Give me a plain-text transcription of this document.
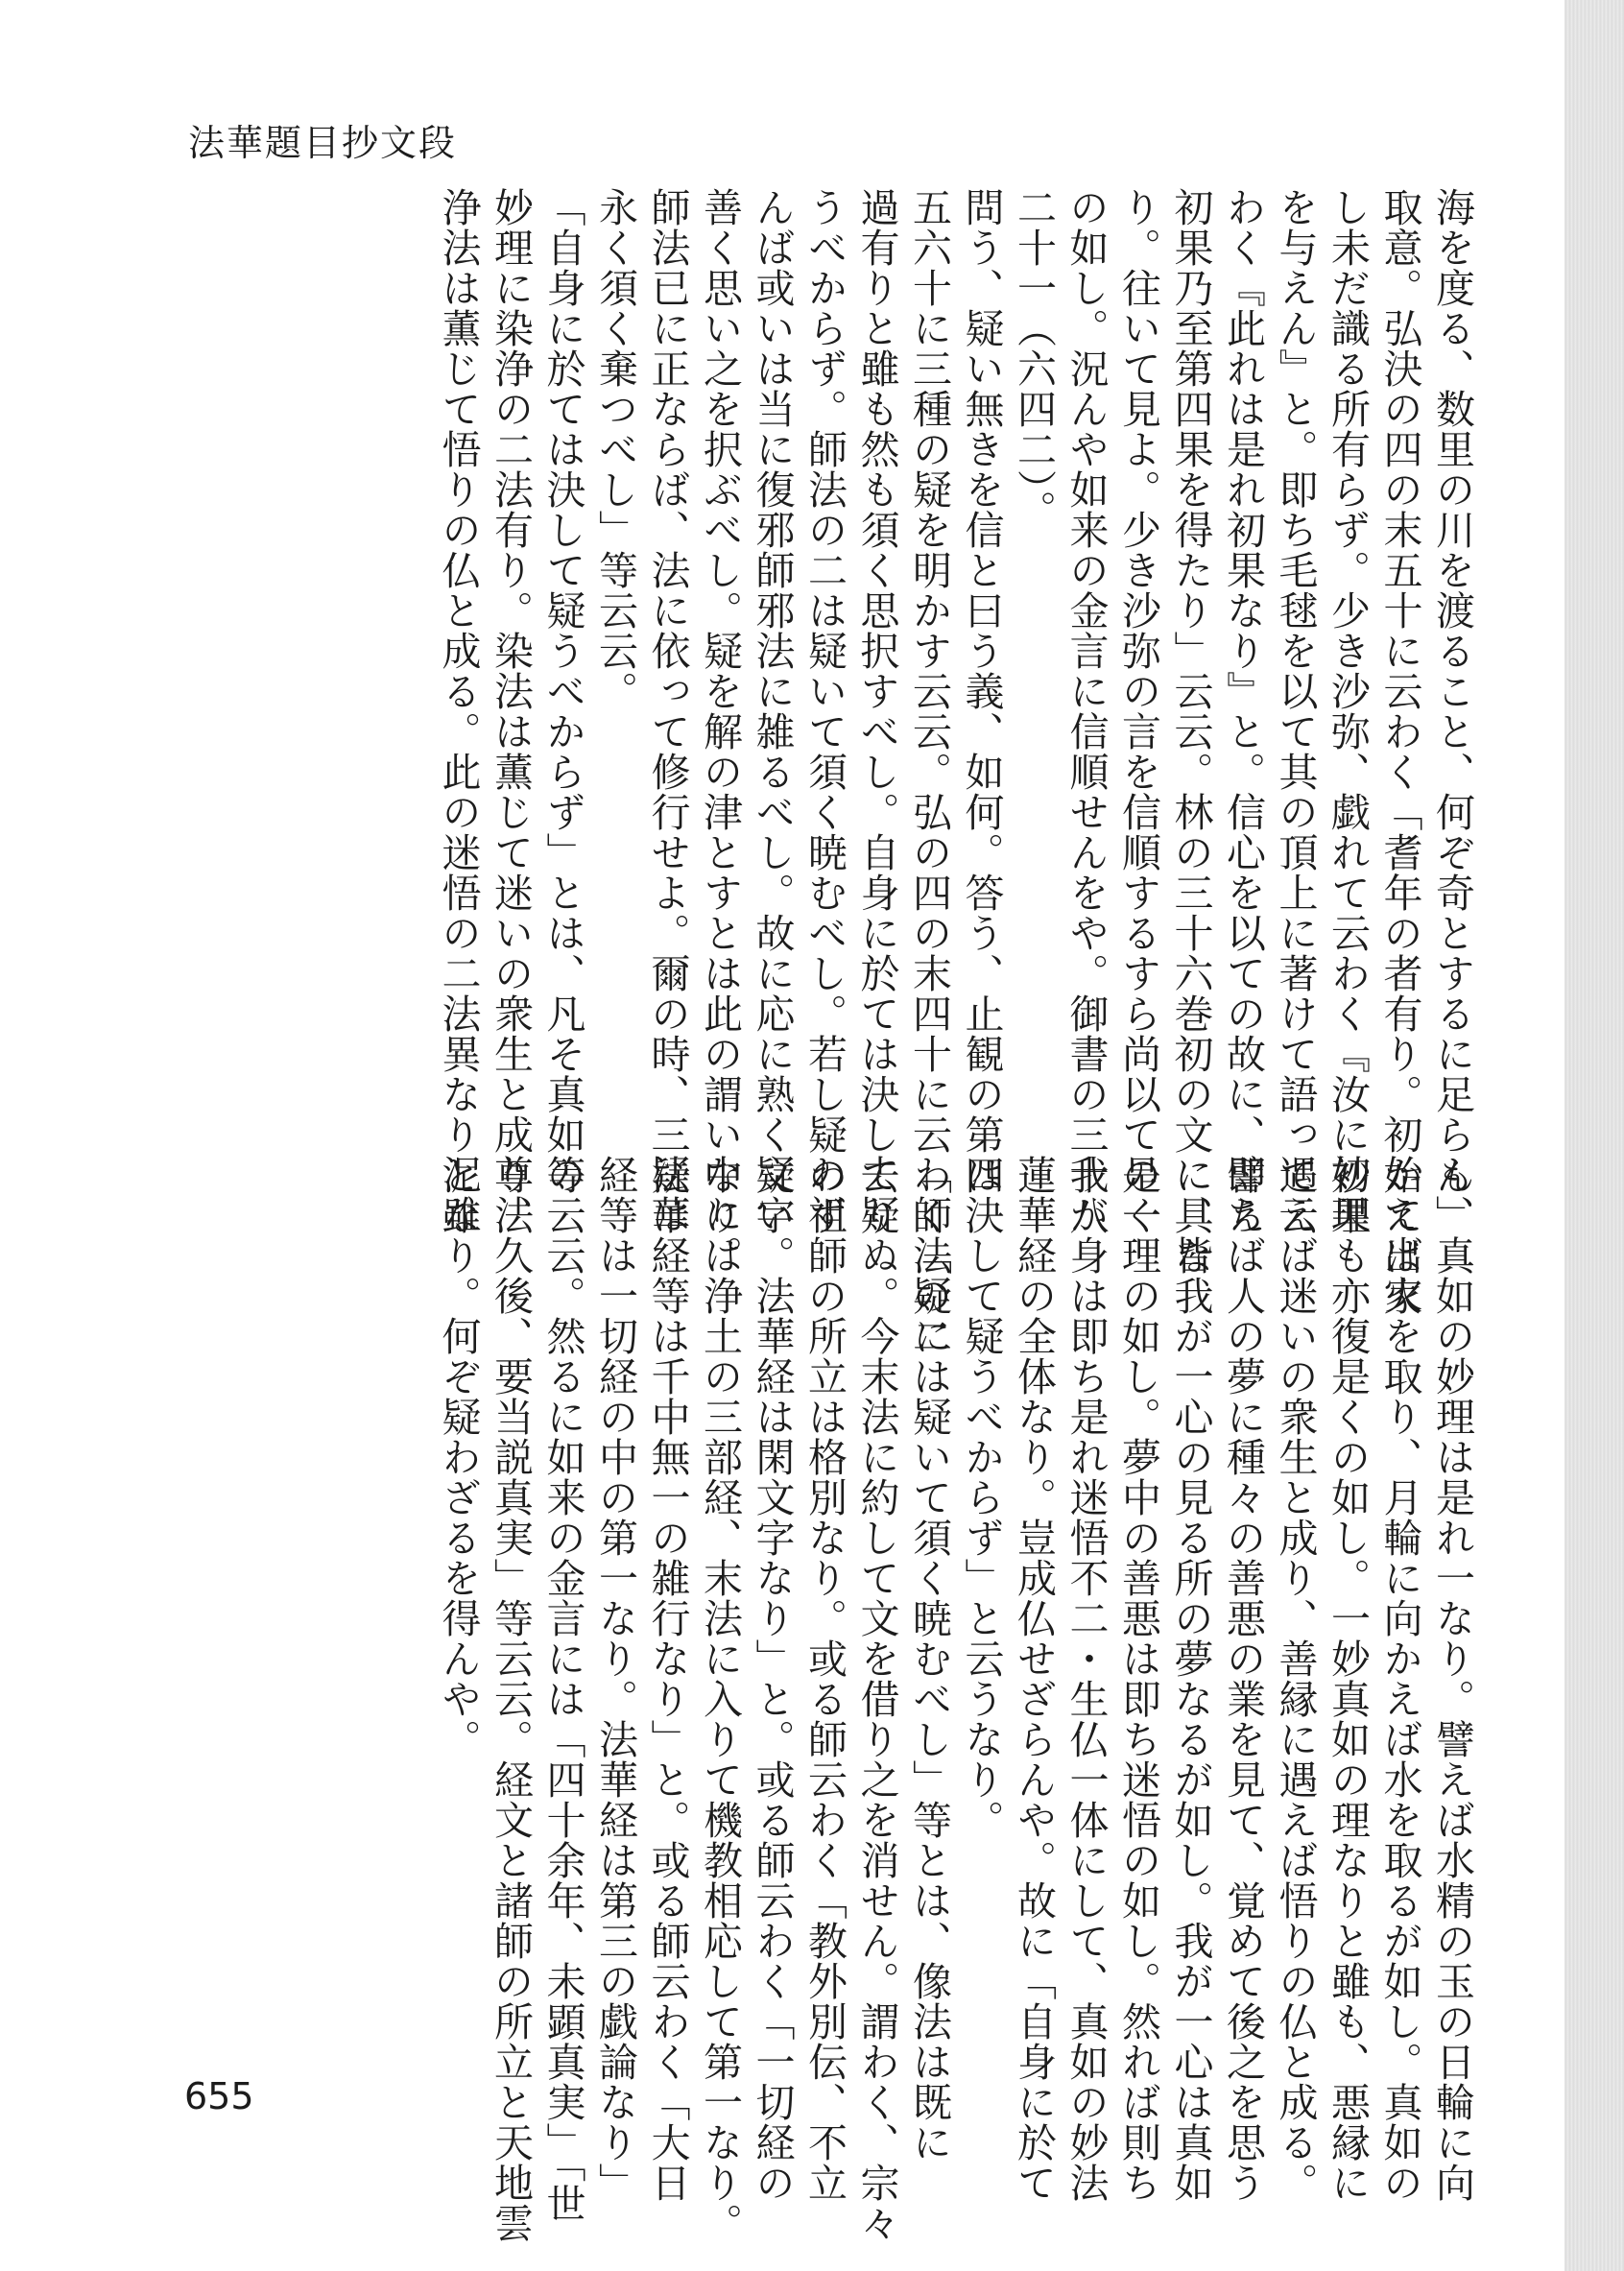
法華題目抄文段
海を度る、数里の川を渡ること、何ぞ奇とするに足らん」
取意。弘決の四の末五十に云わく「耆年の者有り。初始て出家
し未だ識る所有らず。少き沙弥、戯れて云わく『汝に初果
を与えん』と。即ち毛毬を以て其の頂上に著けて語って云
わく『此れは是れ初果なり』と。信心を以ての故に、即ち
初果乃至第四果を得たり」云云。林の三十六巻初の文に具な
り。往いて見よ。少き沙弥の言を信順するすら尚以て是く
の如し。況んや如来の金言に信順せんをや。御書の三十八
二十一（六四二）。
問う、疑い無きを信と曰う義、如何。答う、止観の第四
五六十に三種の疑を明かす云云。弘の四の末四十に云わく「疑に
過有りと雖も然も須く思択すべし。自身に於ては決して疑
うべからず。師法の二は疑いて須く暁むべし。若し疑わず
んば或いは当に復邪師邪法に雑るべし。故に応に熟く疑い
善く思い之を択ぶべし。疑を解の津とすとは此の謂いなり。
師法已に正ならば、法に依って修行せよ。爾の時、三疑は
永く須く棄つべし」等云云。
「自身に於ては決して疑うべからず」とは、凡そ真如の
妙理に染浄の二法有り。染法は薫じて迷いの衆生と成り、
浄法は薫じて悟りの仏と成る。此の迷悟の二法異なりと雖
も、真如の妙理は是れ一なり。譬えば水精の玉の日輪に向
かえば火を取り、月輪に向かえば水を取るが如し。真如の
妙理も亦復是くの如し。一妙真如の理なりと雖も、悪縁に
遇えば迷いの衆生と成り、善縁に遇えば悟りの仏と成る。
譬えば人の夢に種々の善悪の業を見て、覚めて後之を思う
に、皆我が一心の見る所の夢なるが如し。我が一心は真如
の一理の如し。夢中の善悪は即ち迷悟の如し。然れば則ち
我が身は即ち是れ迷悟不二・生仏一体にして、真如の妙法
蓮華経の全体なり。豈成仏せざらんや。故に「自身に於て
は決して疑うべからず」と云うなり。
「師法の二は疑いて須く暁むべし」等とは、像法は既に
去りぬ。今末法に約して文を借り之を消せん。謂わく、宗々
の祖師の所立は格別なり。或る師云わく「教外別伝、不立
文字。法華経は閑文字なり」と。或る師云わく「一切経の
中には浄土の三部経、末法に入りて機教相応して第一なり。
法華経等は千中無一の雑行なり」と。或る師云わく「大日
経等は一切経の中の第一なり。法華経は第三の戯論なり」
等云云。然るに如来の金言には「四十余年、未顕真実」「世
尊法久後、要当説真実」等云云。経文と諸師の所立と天地雲
泥なり。何ぞ疑わざるを得んや。
655
